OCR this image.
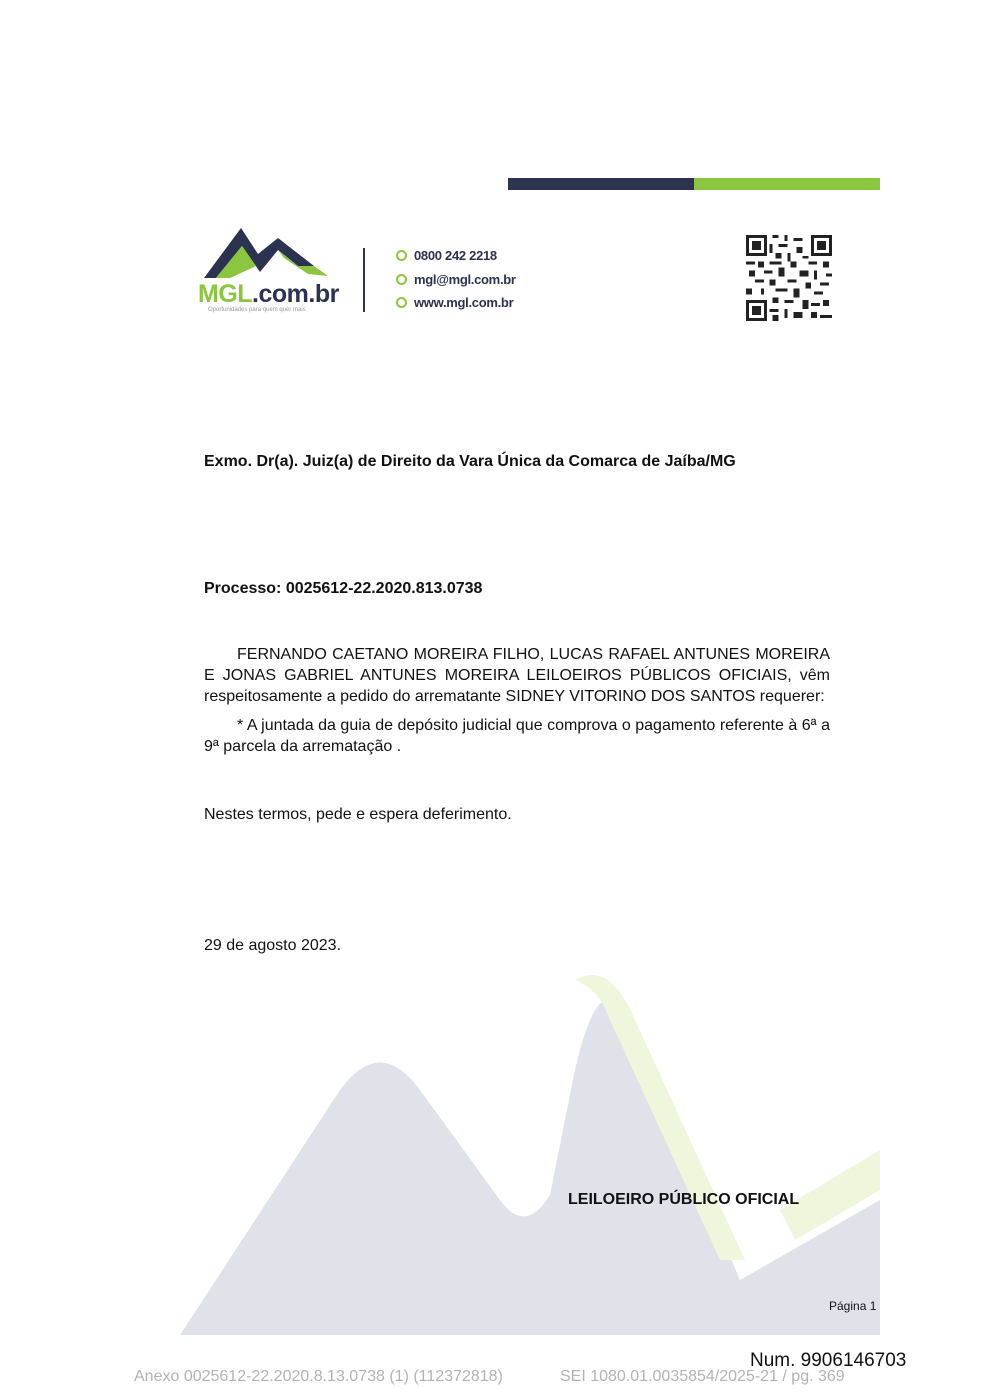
MGL.com.br
Oportunidades para quem quer mais
0800 242 2218
mgl@mgl.com.br
www.mgl.com.br
Exmo. Dr(a). Juiz(a) de Direito da Vara Única da Comarca de Jaíba/MG
Processo: 0025612-22.2020.813.0738
FERNANDO CAETANO MOREIRA FILHO, LUCAS RAFAEL ANTUNES MOREIRA E JONAS GABRIEL ANTUNES MOREIRA LEILOEIROS PÚBLICOS OFICIAIS, vêm respeitosamente a pedido do arrematante SIDNEY VITORINO DOS SANTOS requerer:
* A juntada da guia de depósito judicial que comprova o pagamento referente à 6ª a 9ª parcela da arrematação .
Nestes termos, pede e espera deferimento.
29 de agosto 2023.
LEILOEIRO PÚBLICO OFICIAL
Página 1
Num. 9906146703
Anexo 0025612-22.2020.8.13.0738 (1) (112372818)	SEI 1080.01.0035854/2025-21 / pg. 369
